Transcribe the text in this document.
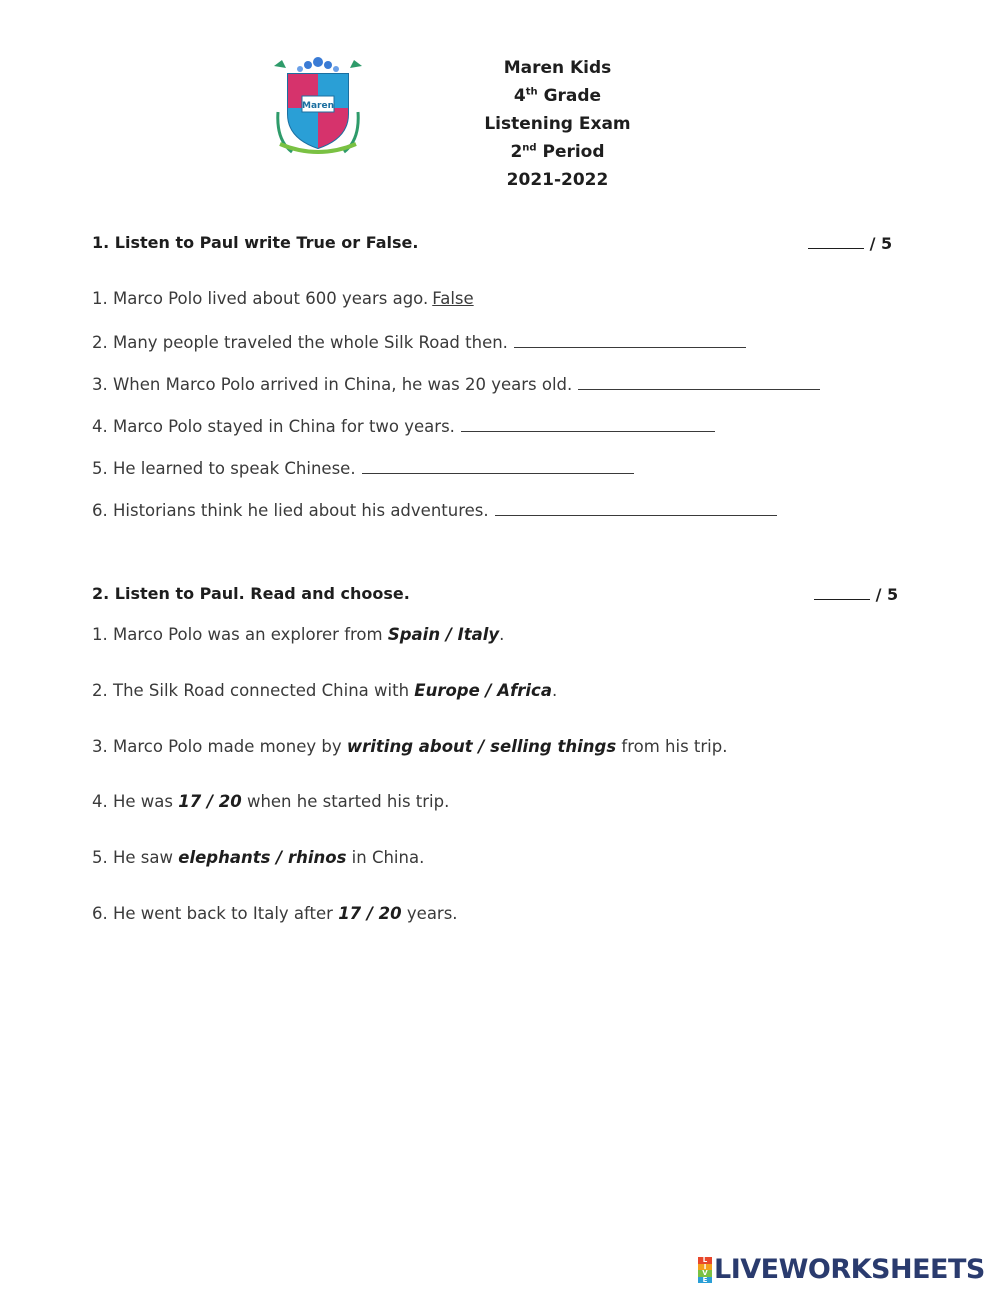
Maren
Maren Kids
4th Grade
Listening Exam
2nd Period
2021-2022
1. Listen to Paul write True or False.	/ 5
1. Marco Polo lived about 600 years ago. False
2. Many people traveled the whole Silk Road then.
3. When Marco Polo arrived in China, he was 20 years old.
4. Marco Polo stayed in China for two years.
5. He learned to speak Chinese.
6. Historians think he lied about his adventures.
2. Listen to Paul. Read and choose.	/ 5
1. Marco Polo was an explorer from Spain / Italy.
2. The Silk Road connected China with Europe / Africa.
3. Marco Polo made money by writing about / selling things from his trip.
4. He was 17 / 20 when he started his trip.
5. He saw elephants / rhinos in China.
6. He went back to Italy after 17 / 20 years.
L
I
V
E LIVEWORKSHEETS
